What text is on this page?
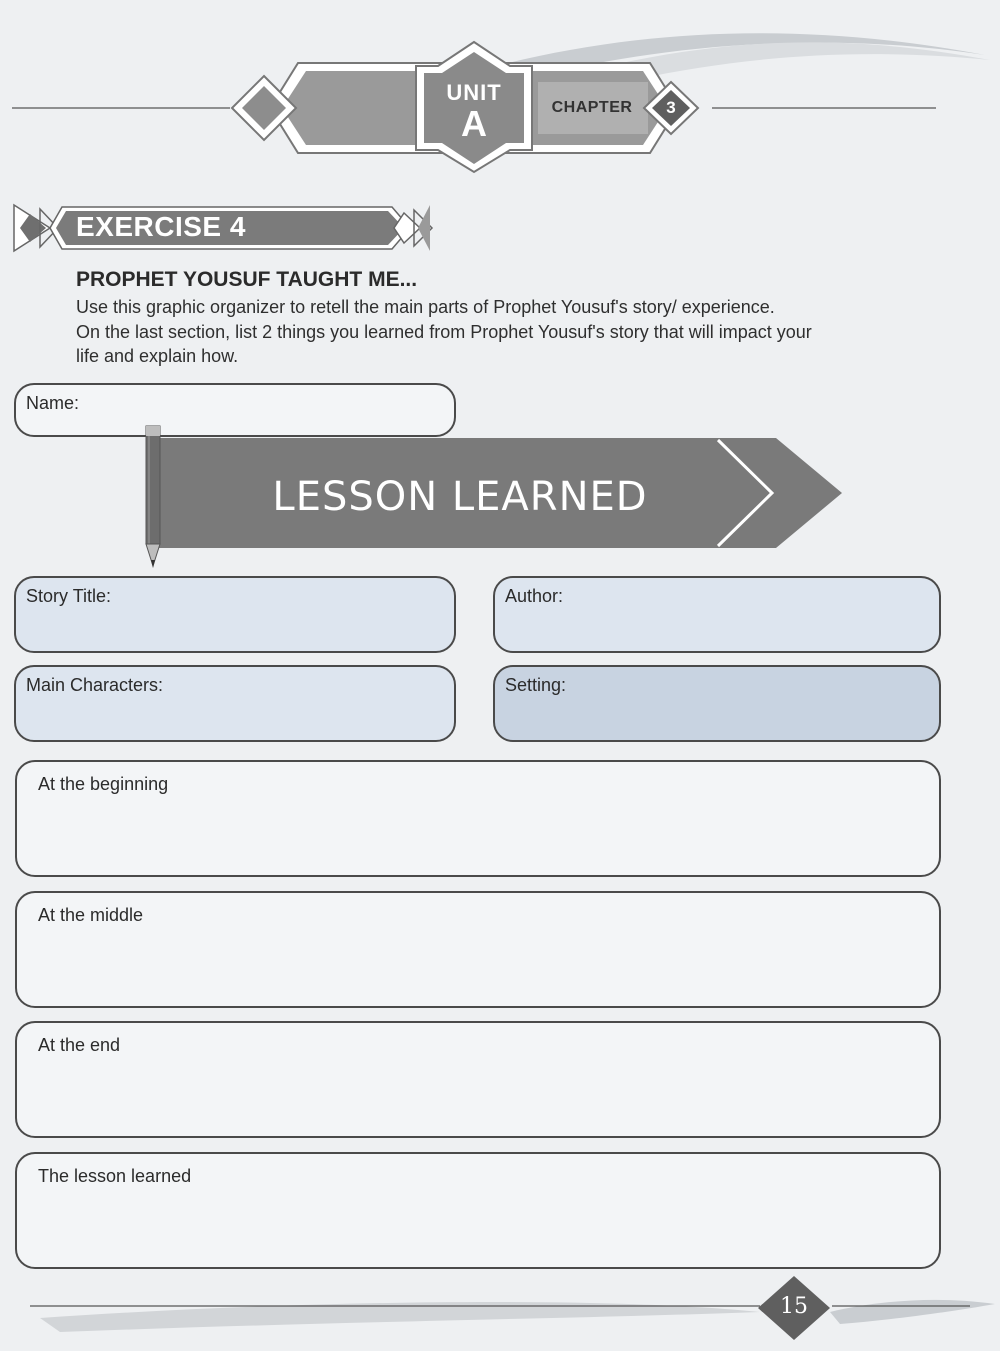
UNIT
A	CHAPTER	3
EXERCISE 4
PROPHET YOUSUF TAUGHT ME...
Use this graphic organizer to retell the main parts of Prophet Yousuf's story/ experience.
On the last section, list 2 things you learned from Prophet Yousuf's story that will impact your
life and explain how.
Name:
LESSON LEARNED
Story Title:	Author:
Main Characters:	Setting:
At the beginning
At the middle
At the end
The lesson learned
15
